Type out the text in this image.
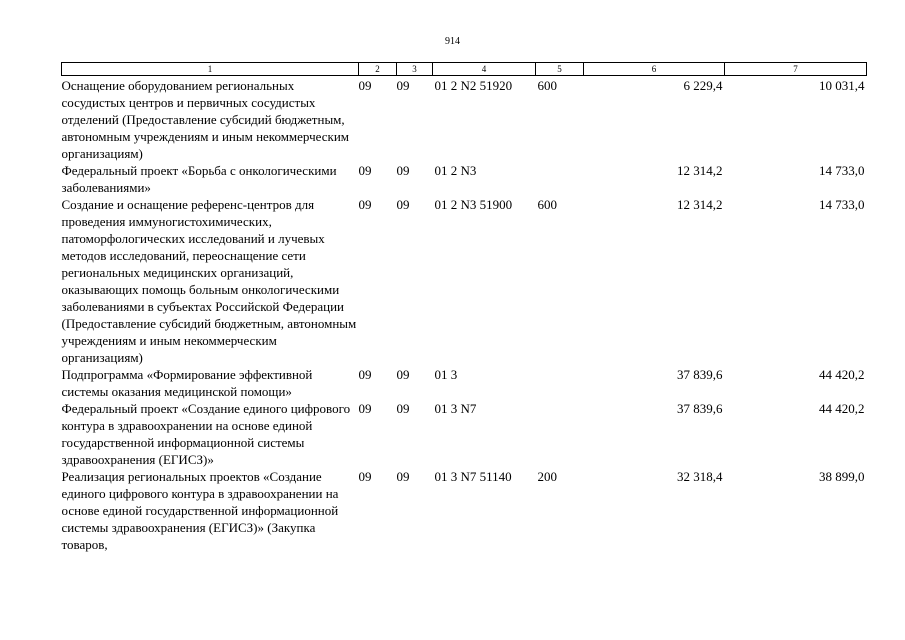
914
1	2	3	4	5	6	7
Оснащение оборудованием региональных сосудистых центров и первичных сосудистых отделений (Предоставление субсидий бюджетным, автономным учреждениям и иным некоммерческим организациям)	09	09	01 2 N2 51920	600	6 229,4	10 031,4
Федеральный проект «Борьба с онкологическими заболеваниями»	09	09	01 2 N3		12 314,2	14 733,0
Создание и оснащение референс-центров для проведения иммуногистохимических, патоморфологических исследований и лучевых методов исследований, переоснащение сети региональных медицинских организаций, оказывающих помощь больным онкологическими заболеваниями в субъектах Российской Федерации (Предоставление субсидий бюджетным, автономным учреждениям и иным некоммерческим организациям)	09	09	01 2 N3 51900	600	12 314,2	14 733,0
Подпрограмма «Формирование эффективной системы оказания медицинской помощи»	09	09	01 3		37 839,6	44 420,2
Федеральный проект «Создание единого цифрового контура в здравоохранении на основе единой государственной информационной системы здравоохранения (ЕГИСЗ)»	09	09	01 3 N7		37 839,6	44 420,2
Реализация региональных проектов «Создание единого цифрового контура в здравоохранении на основе единой государственной информационной системы здравоохранения (ЕГИСЗ)» (Закупка товаров,	09	09	01 3 N7 51140	200	32 318,4	38 899,0
